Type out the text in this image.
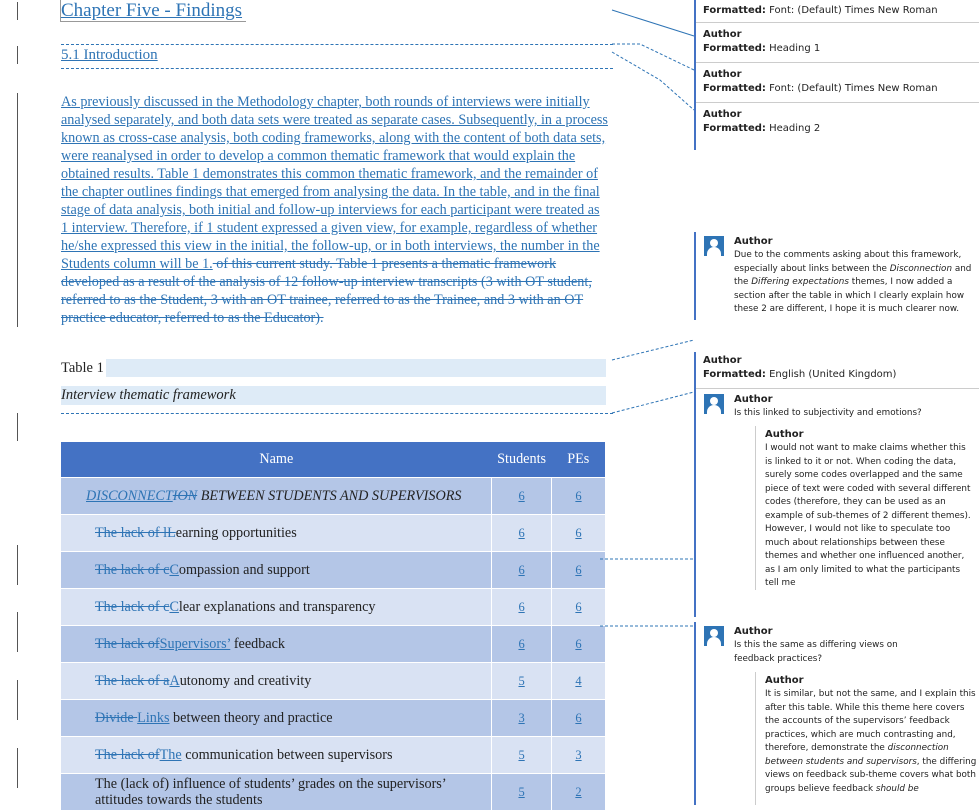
Chapter Five - Findings
5.1 Introduction
As previously discussed in the Methodology chapter, both rounds of interviews were initially analysed separately, and both data sets were treated as separate cases. Subsequently, in a process known as cross-case analysis, both coding frameworks, along with the content of both data sets, were reanalysed in order to develop a common thematic framework that would explain the obtained results. Table 1 demonstrates this common thematic framework, and the remainder of the chapter outlines findings that emerged from analysing the data. In the table, and in the final stage of data analysis, both initial and follow-up interviews for each participant were treated as 1 interview. Therefore, if 1 student expressed a given view, for example, regardless of whether he/she expressed this view in the initial, the follow-up, or in both interviews, the number in the Students column will be 1. of this current study. Table 1 presents a thematic framework developed as a result of the analysis of 12 follow-up interview transcripts (3 with OT student, referred to as the Student, 3 with an OT trainee, referred to as the Trainee, and 3 with an OT practice educator, referred to as the Educator).
Table 1
Interview thematic framework
Name	Students	PEs
DISCONNECTION BETWEEN STUDENTS AND SUPERVISORS	6	6
The lack of lLearning opportunities	6	6
The lack of cCompassion and support	6	6
The lack of cClear explanations and transparency	6	6
The lack ofSupervisors’ feedback	6	6
The lack of aAutonomy and creativity	5	4
Divide Links between theory and practice	3	6
The lack ofThe communication between supervisors	5	3
The (lack of) influence of students’ grades on the supervisors’ attitudes towards the students	5	2
Formatted: Font: (Default) Times New Roman
Author
Formatted: Heading 1
Author
Formatted: Font: (Default) Times New Roman
Author
Formatted: Heading 2
Author
Due to the comments asking about this framework, especially about links between the Disconnection and the Differing expectations themes, I now added a section after the table in which I clearly explain how these 2 are different, I hope it is much clearer now.
Author
Formatted: English (United Kingdom)
Author
Is this linked to subjectivity and emotions?
Author
I would not want to make claims whether this is linked to it or not. When coding the data, surely some codes overlapped and the same piece of text were coded with several different codes (therefore, they can be used as an example of sub-themes of 2 different themes). However, I would not like to speculate too much about relationships between these themes and whether one influenced another, as I am only limited to what the participants tell me
Author
Is this the same as differing views on feedback practices?
Author
It is similar, but not the same, and I explain this after this table. While this theme here covers the accounts of the supervisors’ feedback practices, which are much contrasting and, therefore, demonstrate the disconnection between students and supervisors, the differing views on feedback sub-theme covers what both groups believe feedback should be
